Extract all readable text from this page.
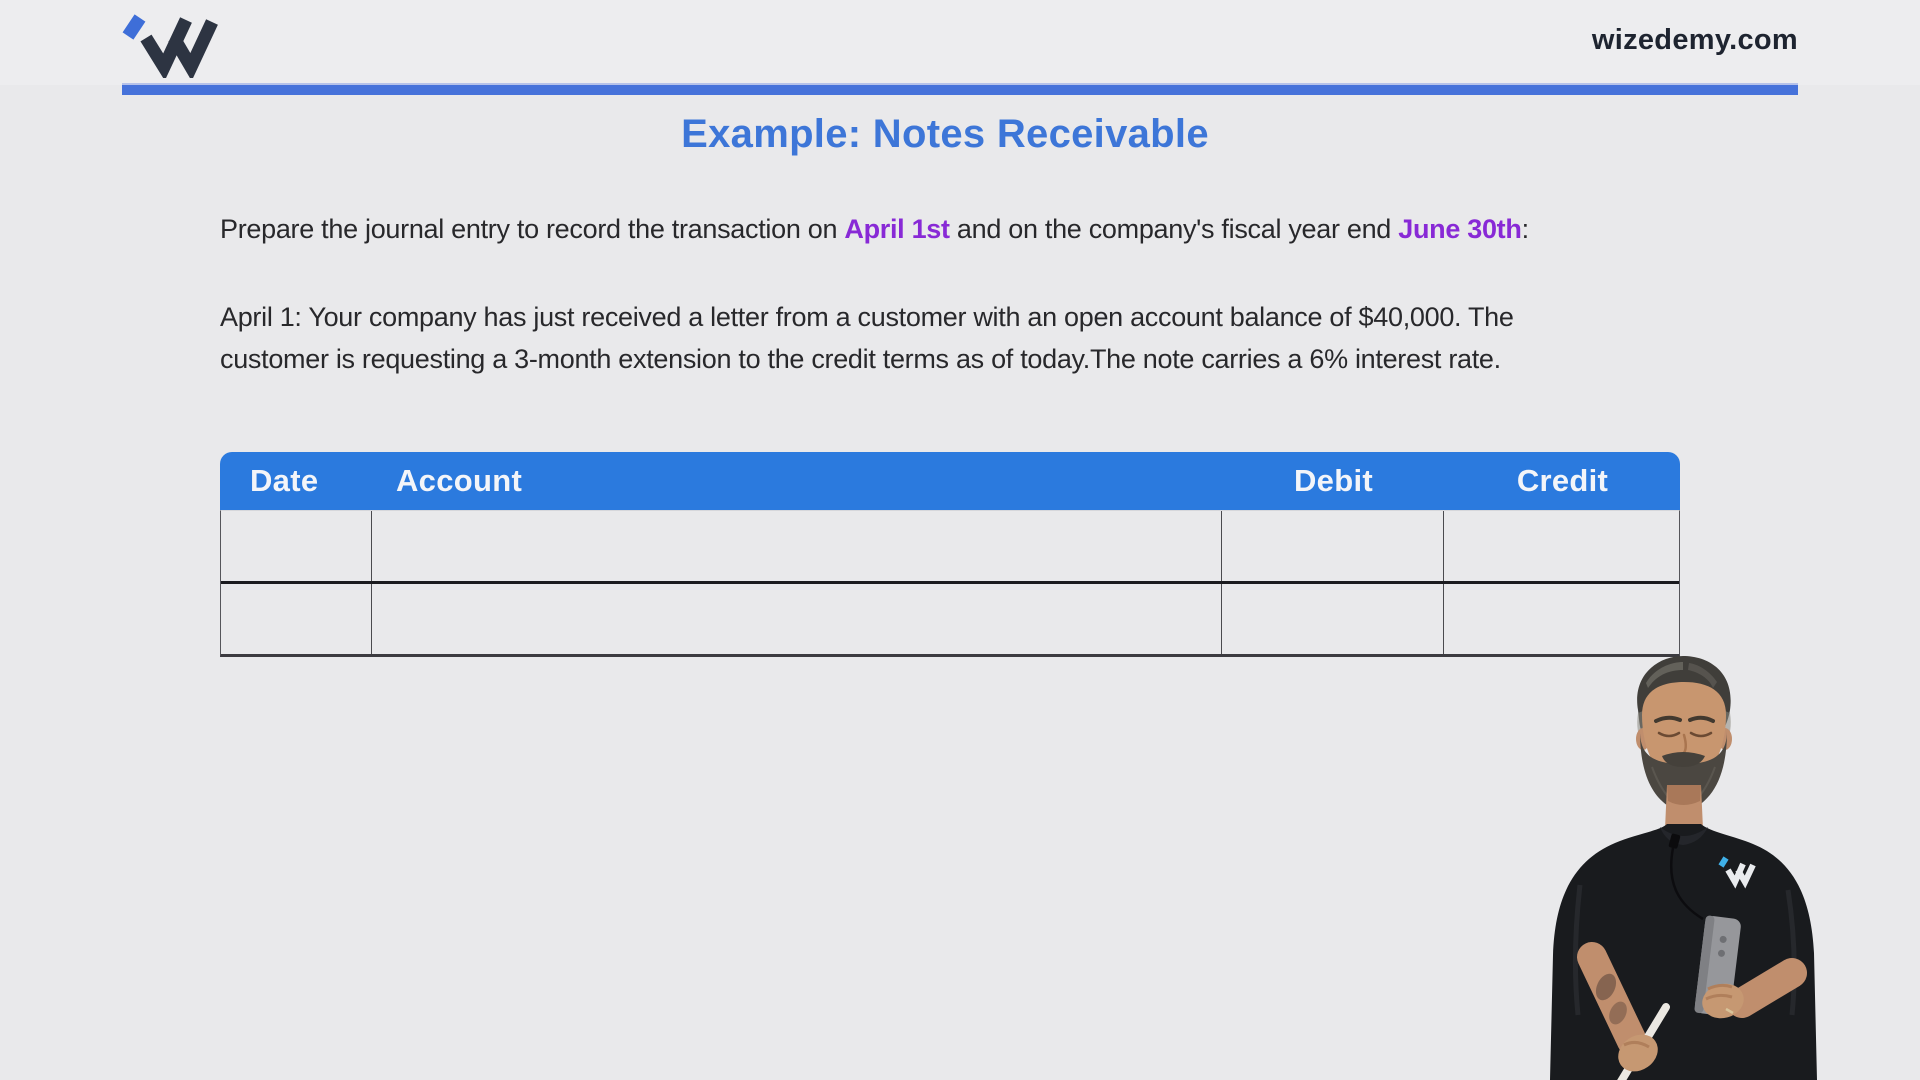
wizedemy.com
Example: Notes Receivable
Prepare the journal entry to record the transaction on April 1st and on the company's fiscal year end June 30th:
April 1: Your company has just received a letter from a customer with an open account balance of $40,000. The
customer is requesting a 3-month extension to the credit terms as of today.The note carries a 6% interest rate.
Date	Account	Debit	Credit
